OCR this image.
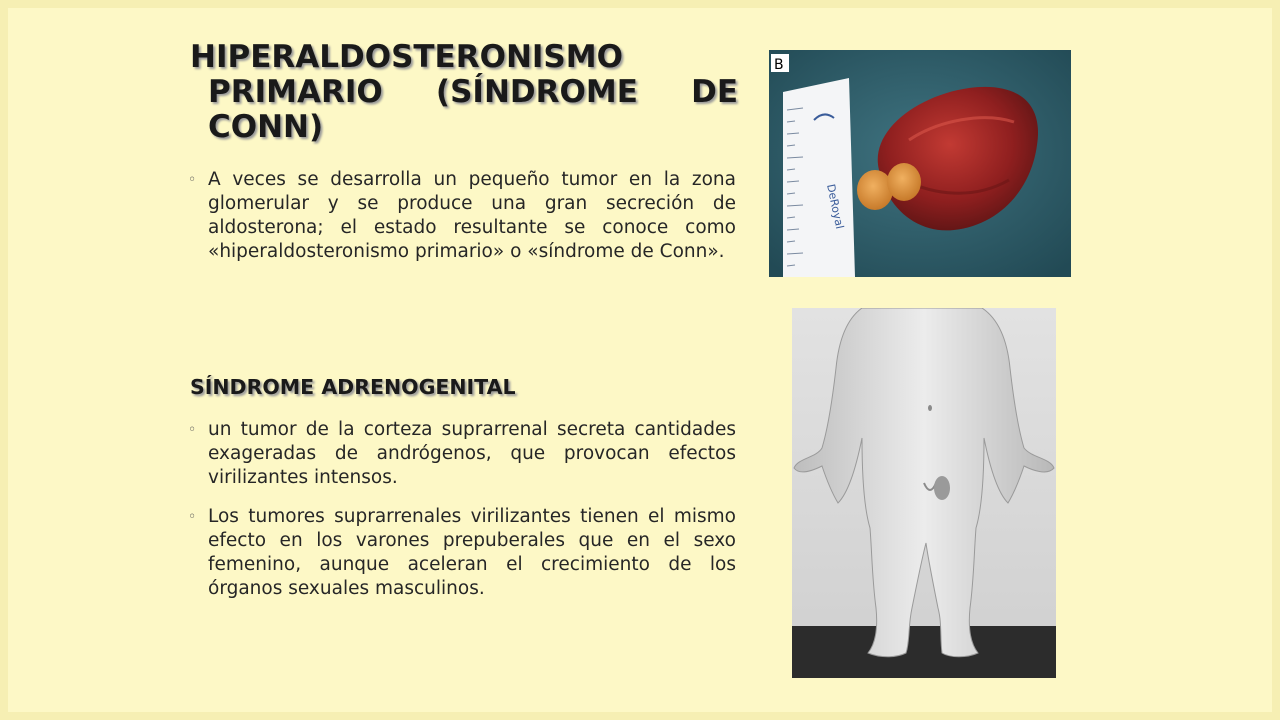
HIPERALDOSTERONISMO
PRIMARIO (SÍNDROME DE
CONN)
◦ A veces se desarrolla un pequeño tumor en la zona glomerular y se produce una gran secreción de aldosterona; el estado resultante se conoce como «hiperaldosteronismo primario» o «síndrome de Conn».
SÍNDROME ADRENOGENITAL
◦ un tumor de la corteza suprarrenal secreta cantidades exageradas de andrógenos, que provocan efectos virilizantes intensos.
◦ Los tumores suprarrenales virilizantes tienen el mismo efecto en los varones prepuberales que en el sexo femenino, aunque aceleran el crecimiento de los órganos sexuales masculinos.
DeRoyal
B
